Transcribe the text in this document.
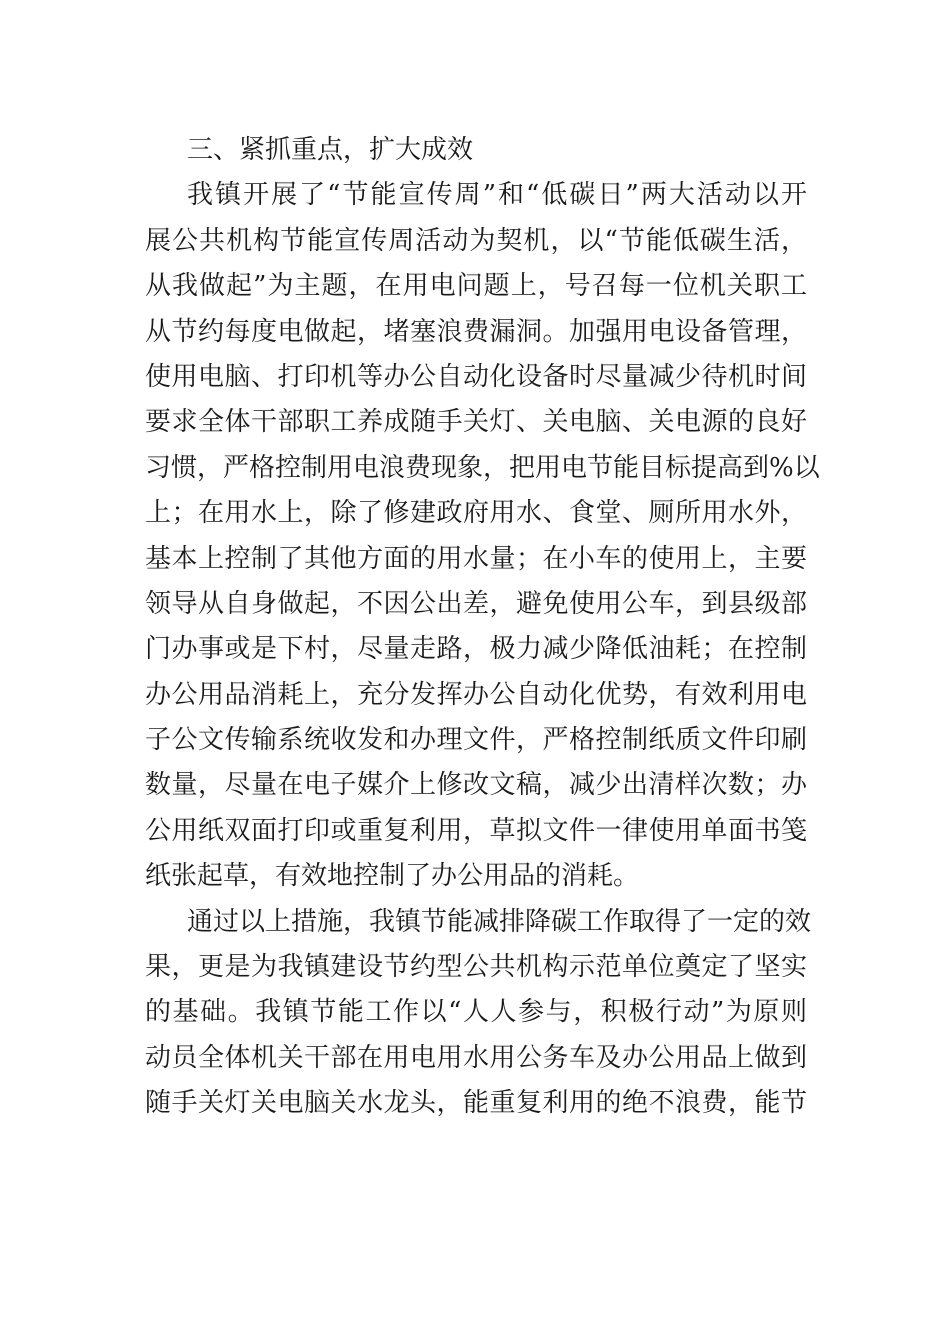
三、紧抓重点，扩大成效
我镇开展了“节能宣传周”和“低碳日”两大活动以开
展公共机构节能宣传周活动为契机，以“节能低碳生活，
从我做起”为主题，在用电问题上，号召每一位机关职工
从节约每度电做起，堵塞浪费漏洞。加强用电设备管理，
使用电脑、打印机等办公自动化设备时尽量减少待机时间
要求全体干部职工养成随手关灯、关电脑、关电源的良好
习惯，严格控制用电浪费现象，把用电节能目标提高到%以
上；在用水上，除了修建政府用水、食堂、厕所用水外，
基本上控制了其他方面的用水量；在小车的使用上，主要
领导从自身做起，不因公出差，避免使用公车，到县级部
门办事或是下村，尽量走路，极力减少降低油耗；在控制
办公用品消耗上，充分发挥办公自动化优势，有效利用电
子公文传输系统收发和办理文件，严格控制纸质文件印刷
数量，尽量在电子媒介上修改文稿，减少出清样次数；办
公用纸双面打印或重复利用，草拟文件一律使用单面书笺
纸张起草，有效地控制了办公用品的消耗。
通过以上措施，我镇节能减排降碳工作取得了一定的效
果，更是为我镇建设节约型公共机构示范单位奠定了坚实
的基础。我镇节能工作以“人人参与，积极行动”为原则
动员全体机关干部在用电用水用公务车及办公用品上做到
随手关灯关电脑关水龙头，能重复利用的绝不浪费，能节
